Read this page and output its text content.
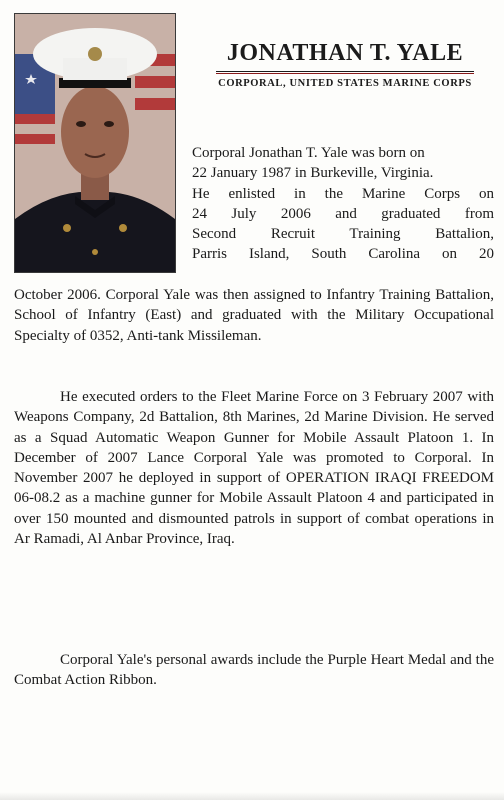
JONATHAN T. YALE
CORPORAL, UNITED STATES MARINE CORPS
Corporal Jonathan T. Yale was born on
22 January 1987 in Burkeville, Virginia.
He enlisted in the Marine Corps on
24 July 2006 and graduated from
Second Recruit Training Battalion,
Parris Island, South Carolina on 20
October 2006. Corporal Yale was then assigned to Infantry Training Battalion, School of Infantry (East) and graduated with the Military Occupational Specialty of 0352, Anti-tank Missileman.
He executed orders to the Fleet Marine Force on 3 February 2007 with Weapons Company, 2d Battalion, 8th Marines, 2d Marine Division. He served as a Squad Automatic Weapon Gunner for Mobile Assault Platoon 1. In December of 2007 Lance Corporal Yale was promoted to Corporal. In November 2007 he deployed in support of OPERATION IRAQI FREEDOM 06-08.2 as a machine gunner for Mobile Assault Platoon 4 and participated in over 150 mounted and dismounted patrols in support of combat operations in Ar Ramadi, Al Anbar Province, Iraq.
Corporal Yale's personal awards include the Purple Heart Medal and the Combat Action Ribbon.
